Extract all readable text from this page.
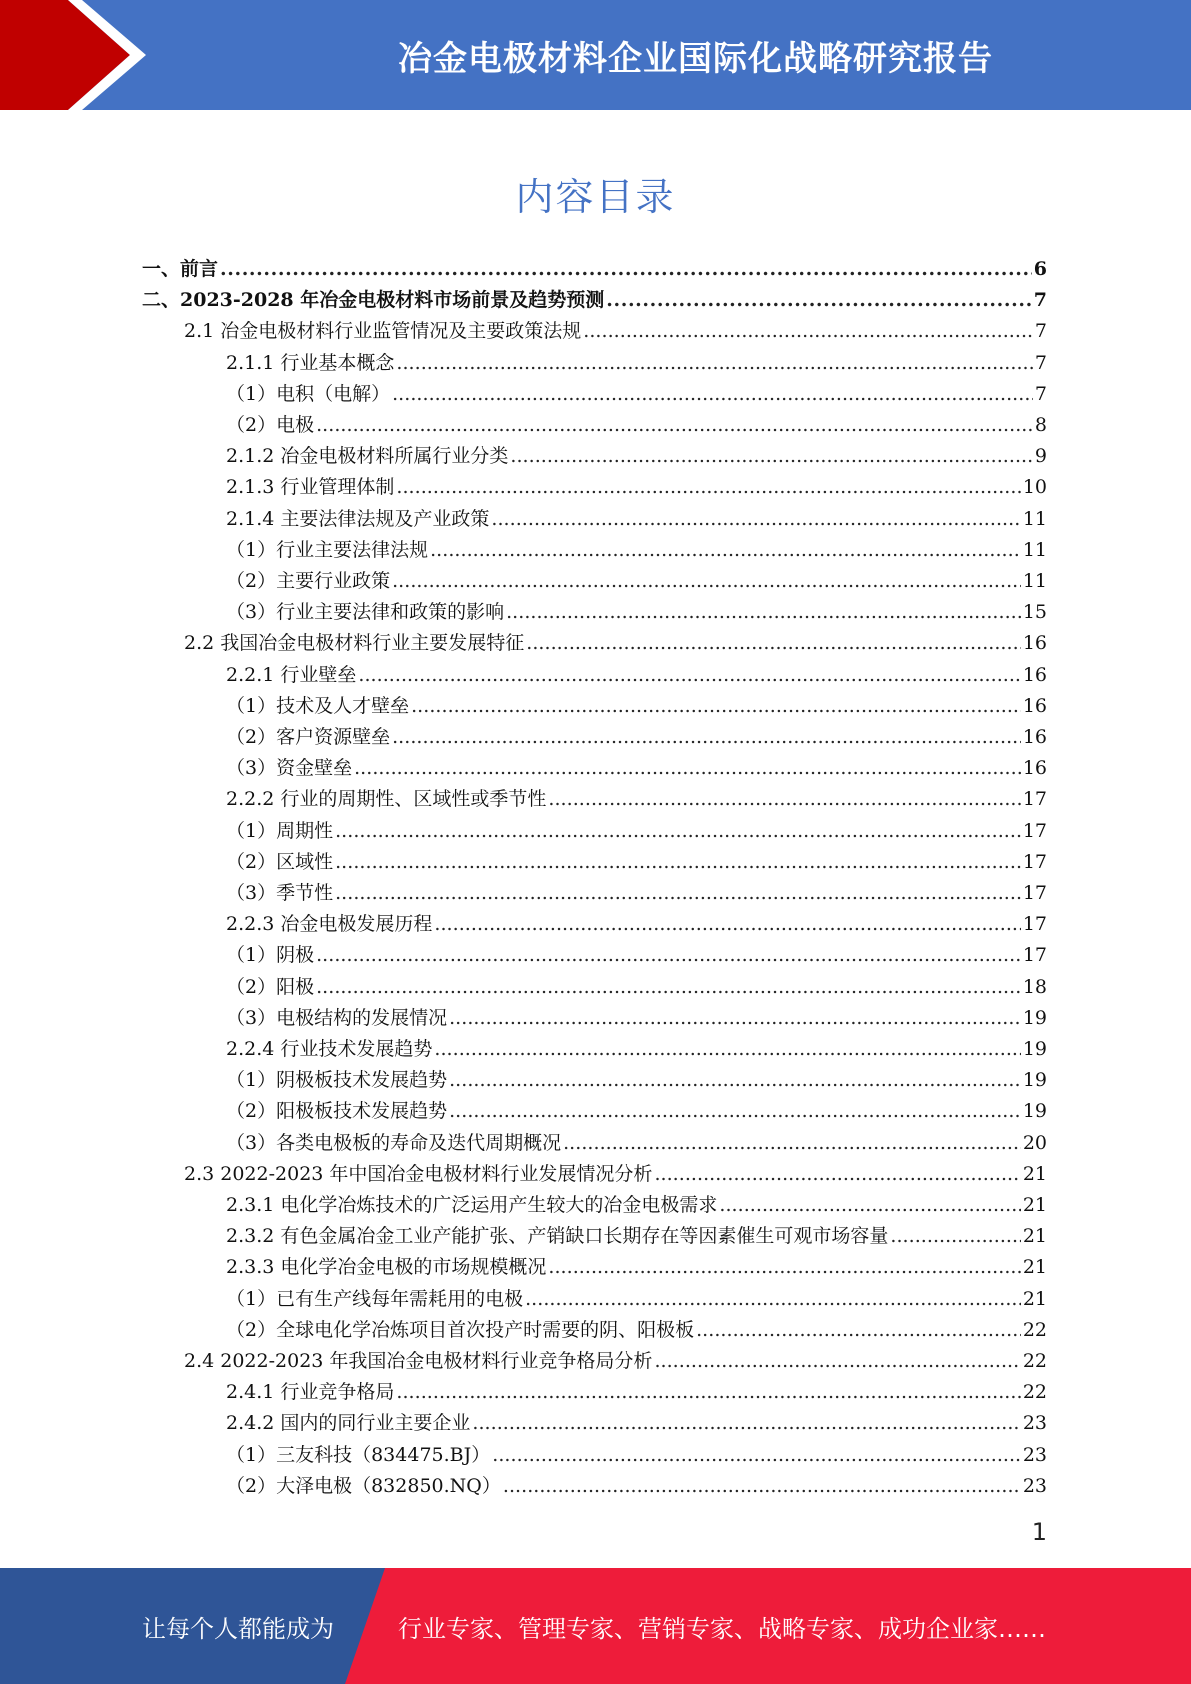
冶金电极材料企业国际化战略研究报告
内容目录
一、前言 . . .	6
二、2023-2028 年冶金电极材料市场前景及趋势预测 . . .	7
2.1 冶金电极材料行业监管情况及主要政策法规 . . .	7
2.1.1 行业基本概念 . . .	7
（1）电积（电解） . . .	7
（2）电极 . . .	8
2.1.2 冶金电极材料所属行业分类 . . .	9
2.1.3 行业管理体制 . . .	10
2.1.4 主要法律法规及产业政策 . . .	11
（1）行业主要法律法规 . . .	11
（2）主要行业政策 . . .	11
（3）行业主要法律和政策的影响 . . .	15
2.2 我国冶金电极材料行业主要发展特征 . . .	16
2.2.1 行业壁垒 . . .	16
（1）技术及人才壁垒 . . .	16
（2）客户资源壁垒 . . .	16
（3）资金壁垒 . . .	16
2.2.2 行业的周期性、区域性或季节性 . . .	17
（1）周期性 . . .	17
（2）区域性 . . .	17
（3）季节性 . . .	17
2.2.3 冶金电极发展历程 . . .	17
（1）阴极 . . .	17
（2）阳极 . . .	18
（3）电极结构的发展情况 . . .	19
2.2.4 行业技术发展趋势 . . .	19
（1）阴极板技术发展趋势 . . .	19
（2）阳极板技术发展趋势 . . .	19
（3）各类电极板的寿命及迭代周期概况 . . .	20
2.3 2022-2023 年中国冶金电极材料行业发展情况分析 . . .	21
2.3.1 电化学冶炼技术的广泛运用产生较大的冶金电极需求 . . .	21
2.3.2 有色金属冶金工业产能扩张、产销缺口长期存在等因素催生可观市场容量 . . .	21
2.3.3 电化学冶金电极的市场规模概况 . . .	21
（1）已有生产线每年需耗用的电极 . . .	21
（2）全球电化学冶炼项目首次投产时需要的阴、阳极板 . . .	22
2.4 2022-2023 年我国冶金电极材料行业竞争格局分析 . . .	22
2.4.1 行业竞争格局 . . .	22
2.4.2 国内的同行业主要企业 . . .	23
（1）三友科技（834475.BJ） . . .	23
（2）大泽电极（832850.NQ） . . .	23
1
让每个人都能成为	行业专家、管理专家、营销专家、战略专家、成功企业家……
